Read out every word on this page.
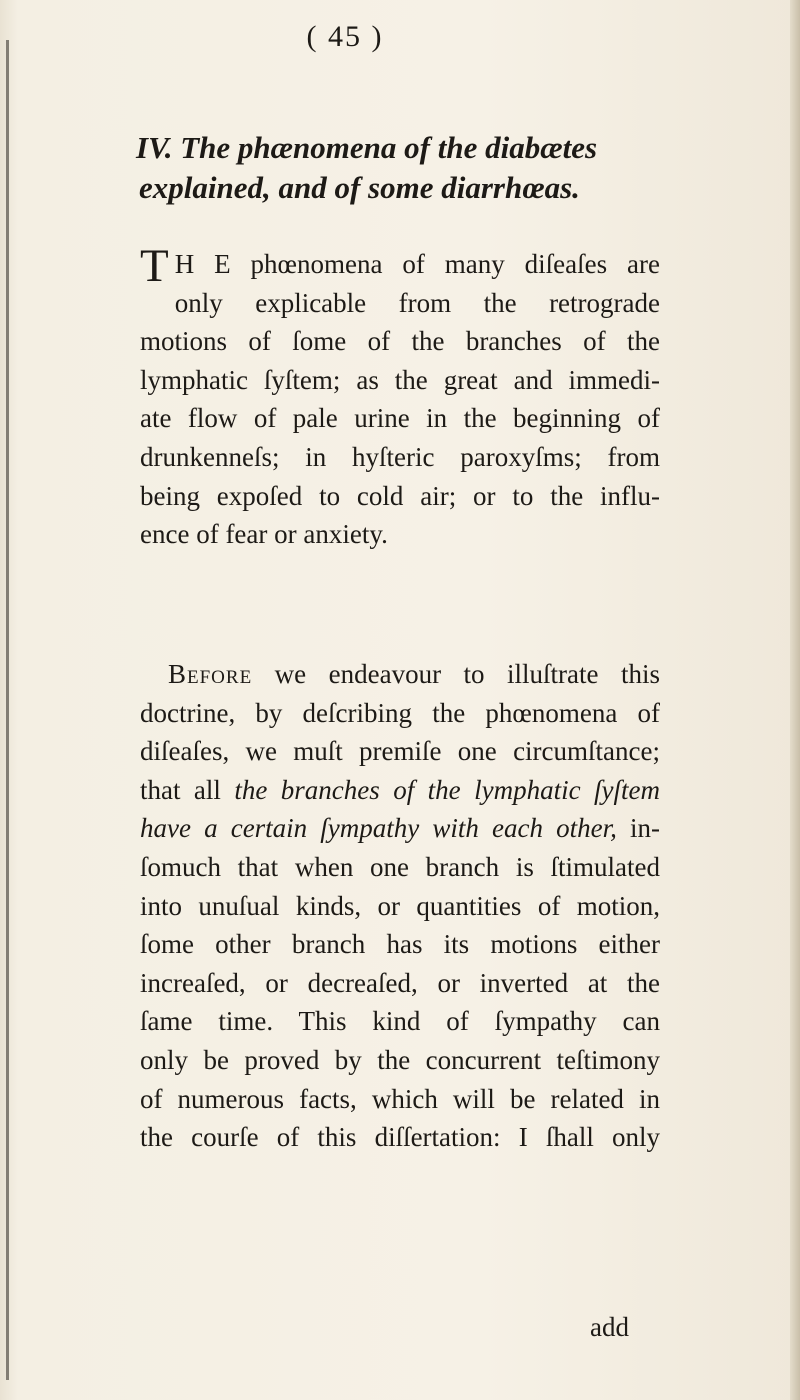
( 45 )
IV. The phænomena of the diabætes
explained, and of some diarrhœas.
T H E phœnomena of many diſeaſes are
only explicable from the retrograde
motions of ſome of the branches of the
lymphatic ſyſtem; as the great and immedi-
ate flow of pale urine in the beginning of
drunkenneſs; in hyſteric paroxyſms; from
being expoſed to cold air; or to the influ-
ence of fear or anxiety.
Before we endeavour to illuſtrate this
doctrine, by deſcribing the phœnomena of
diſeaſes, we muſt premiſe one circumſtance;
that all the branches of the lymphatic ſyſtem
have a certain ſympathy with each other, in-
ſomuch that when one branch is ſtimulated
into unuſual kinds, or quantities of motion,
ſome other branch has its motions either
increaſed, or decreaſed, or inverted at the
ſame time. This kind of ſympathy can
only be proved by the concurrent teſtimony
of numerous facts, which will be related in
the courſe of this diſſertation: I ſhall only
add
